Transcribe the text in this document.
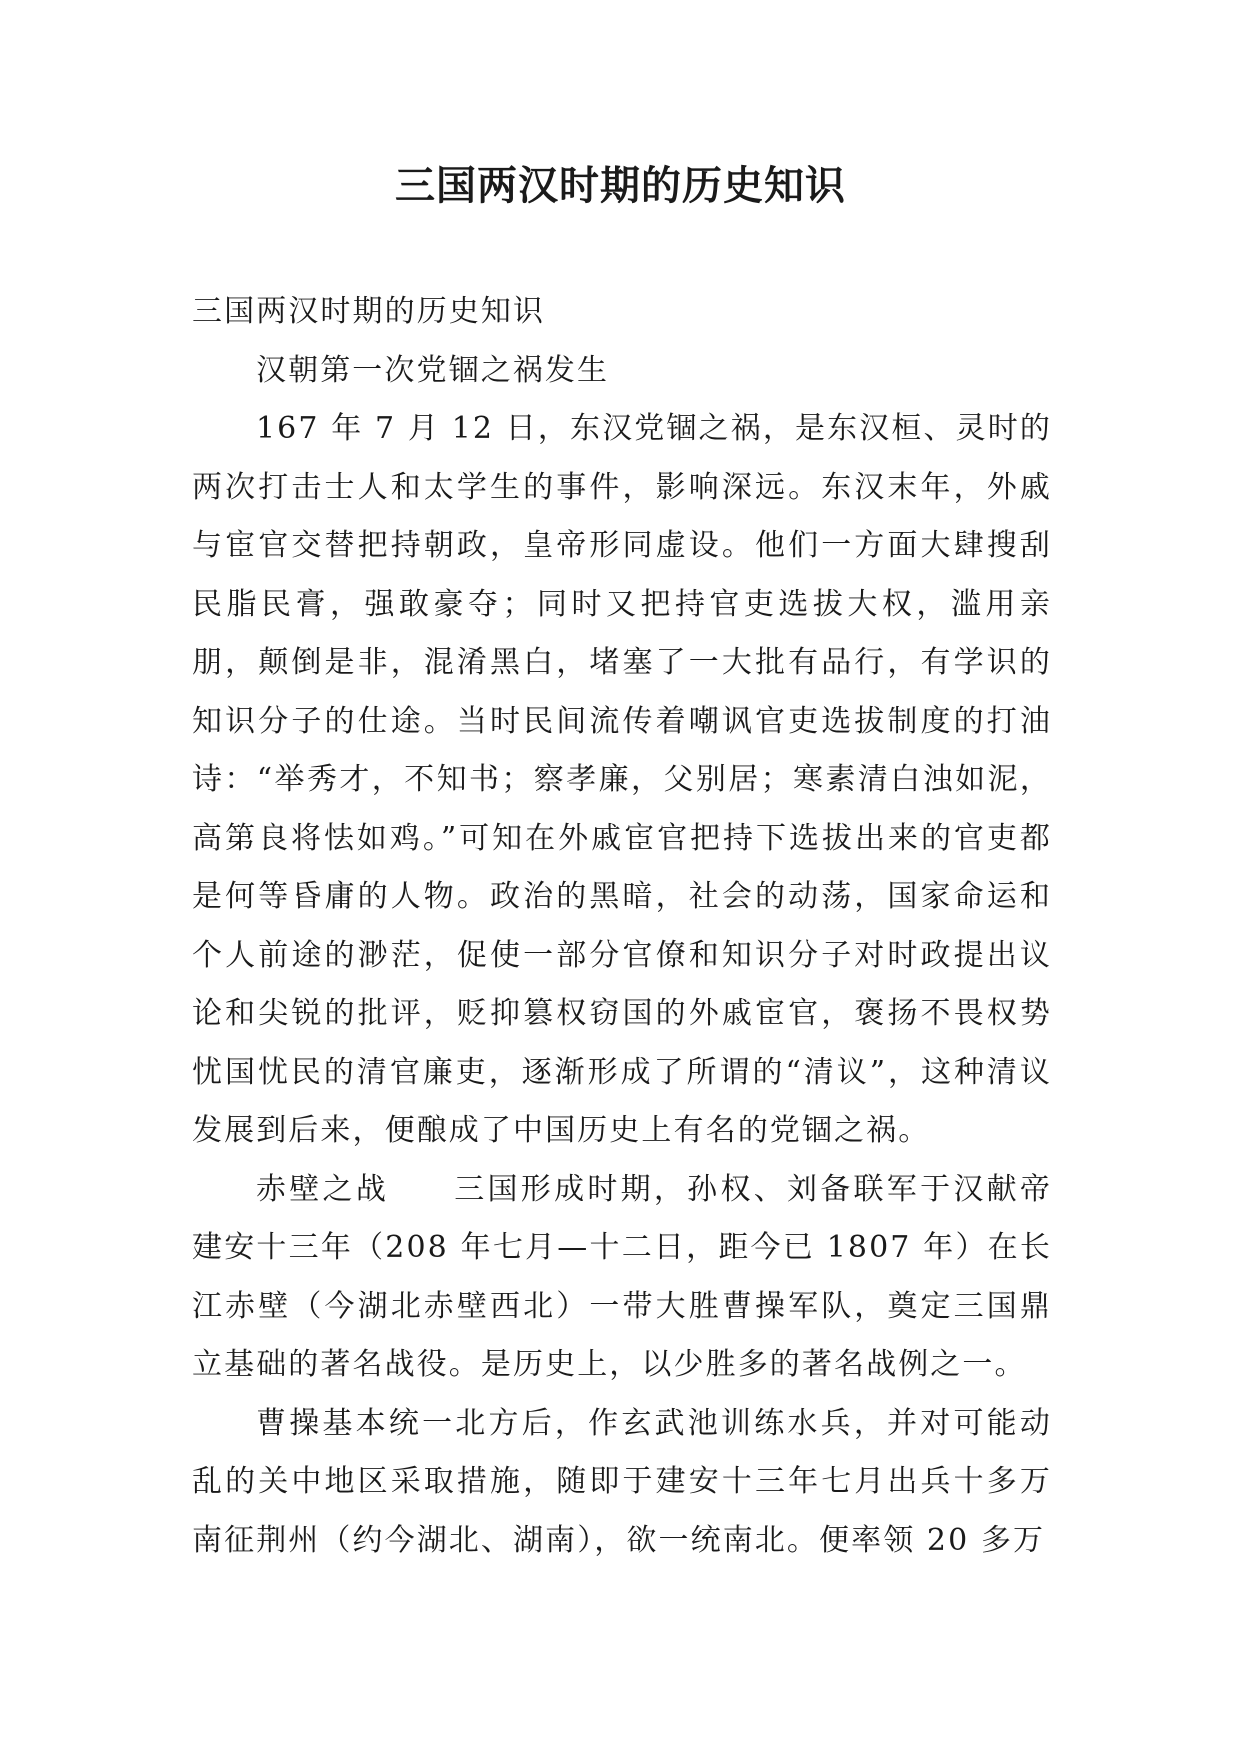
三国两汉时期的历史知识

三国两汉时期的历史知识

汉朝第一次党锢之祸发生

167 年 7 月 12 日，东汉党锢之祸，是东汉桓、灵时的两次打击士人和太学生的事件，影响深远。东汉末年，外戚与宦官交替把持朝政，皇帝形同虚设。他们一方面大肆搜刮民脂民膏，强敢豪夺；同时又把持官吏选拔大权，滥用亲朋，颠倒是非，混淆黑白，堵塞了一大批有品行，有学识的知识分子的仕途。当时民间流传着嘲讽官吏选拔制度的打油诗：“举秀才，不知书；察孝廉，父别居；寒素清白浊如泥，高第良将怯如鸡。”可知在外戚宦官把持下选拔出来的官吏都是何等昏庸的人物。政治的黑暗，社会的动荡，国家命运和个人前途的渺茫，促使一部分官僚和知识分子对时政提出议论和尖锐的批评，贬抑篡权窃国的外戚宦官，褒扬不畏权势忧国忧民的清官廉吏，逐渐形成了所谓的“清议”，这种清议发展到后来，便酿成了中国历史上有名的党锢之祸。

赤壁之战 三国形成时期，孙权、刘备联军于汉献帝建安十三年（208 年七月—十二日，距今已 1807 年）在长江赤壁（今湖北赤壁西北）一带大胜曹操军队，奠定三国鼎立基础的著名战役。是历史上，以少胜多的著名战例之一。

曹操基本统一北方后，作玄武池训练水兵，并对可能动乱的关中地区采取措施，随即于建安十三年七月出兵十多万南征荆州（约今湖北、湖南），欲一统南北。便率领 20 多万
